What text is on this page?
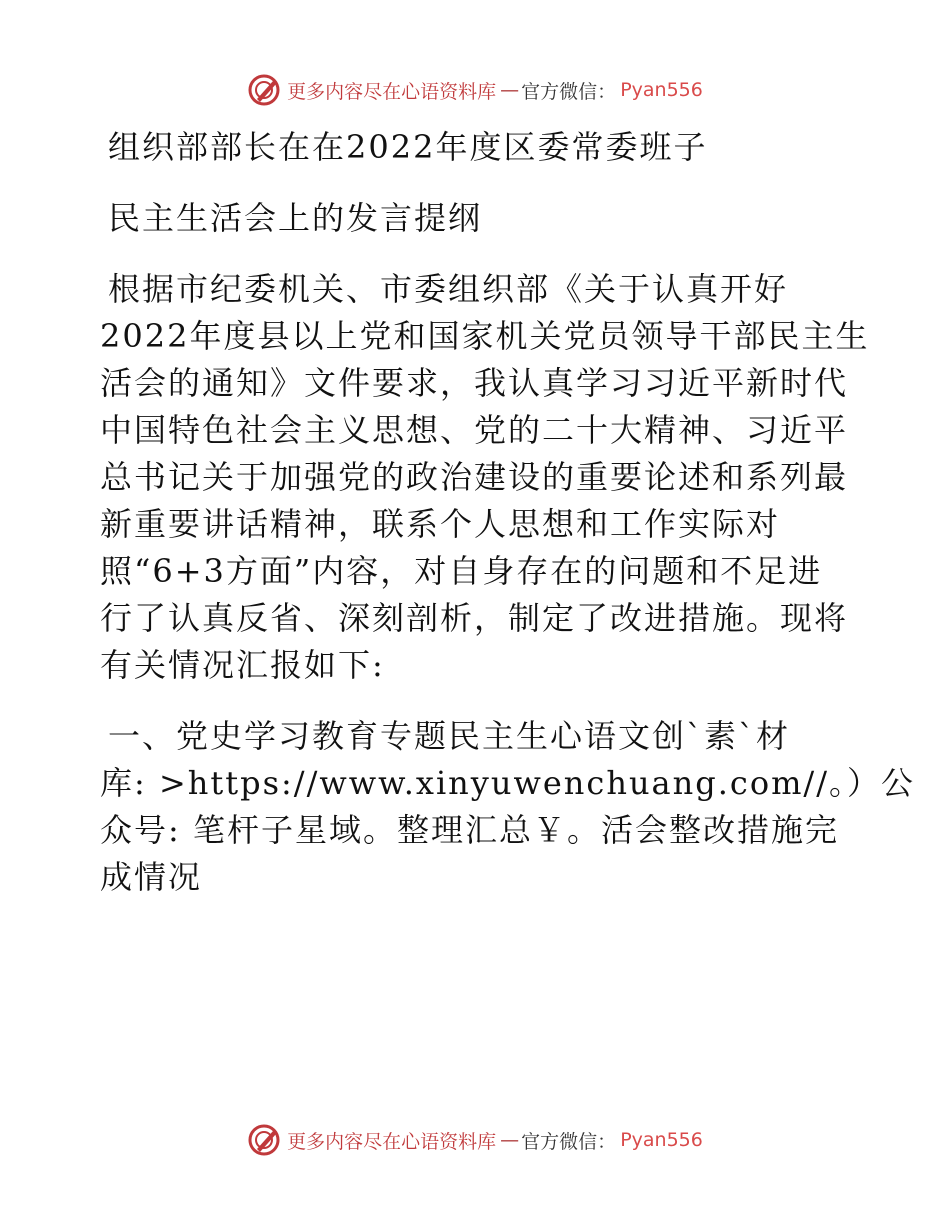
更多内容尽在心语资料库 — 官方微信： Pyan556

组织部部长在在2022年度区委常委班子

民主生活会上的发言提纲

根据市纪委机关、市委组织部《关于认真开好

2022年度县以上党和国家机关党员领导干部民主生

活会的通知》文件要求，我认真学习习近平新时代

中国特色社会主义思想、党的二十大精神、习近平

总书记关于加强党的政治建设的重要论述和系列最

新重要讲话精神，联系个人思想和工作实际对

照“6+3方面”内容，对自身存在的问题和不足进

行了认真反省、深刻剖析，制定了改进措施。现将

有关情况汇报如下:

一、党史学习教育专题民主生心语文创`素`材

库: >https://www.xinyuwenchuang.com//。）公

众号: 笔杆子星域。整理汇总￥。活会整改措施完

成情况

更多内容尽在心语资料库 — 官方微信： Pyan556
